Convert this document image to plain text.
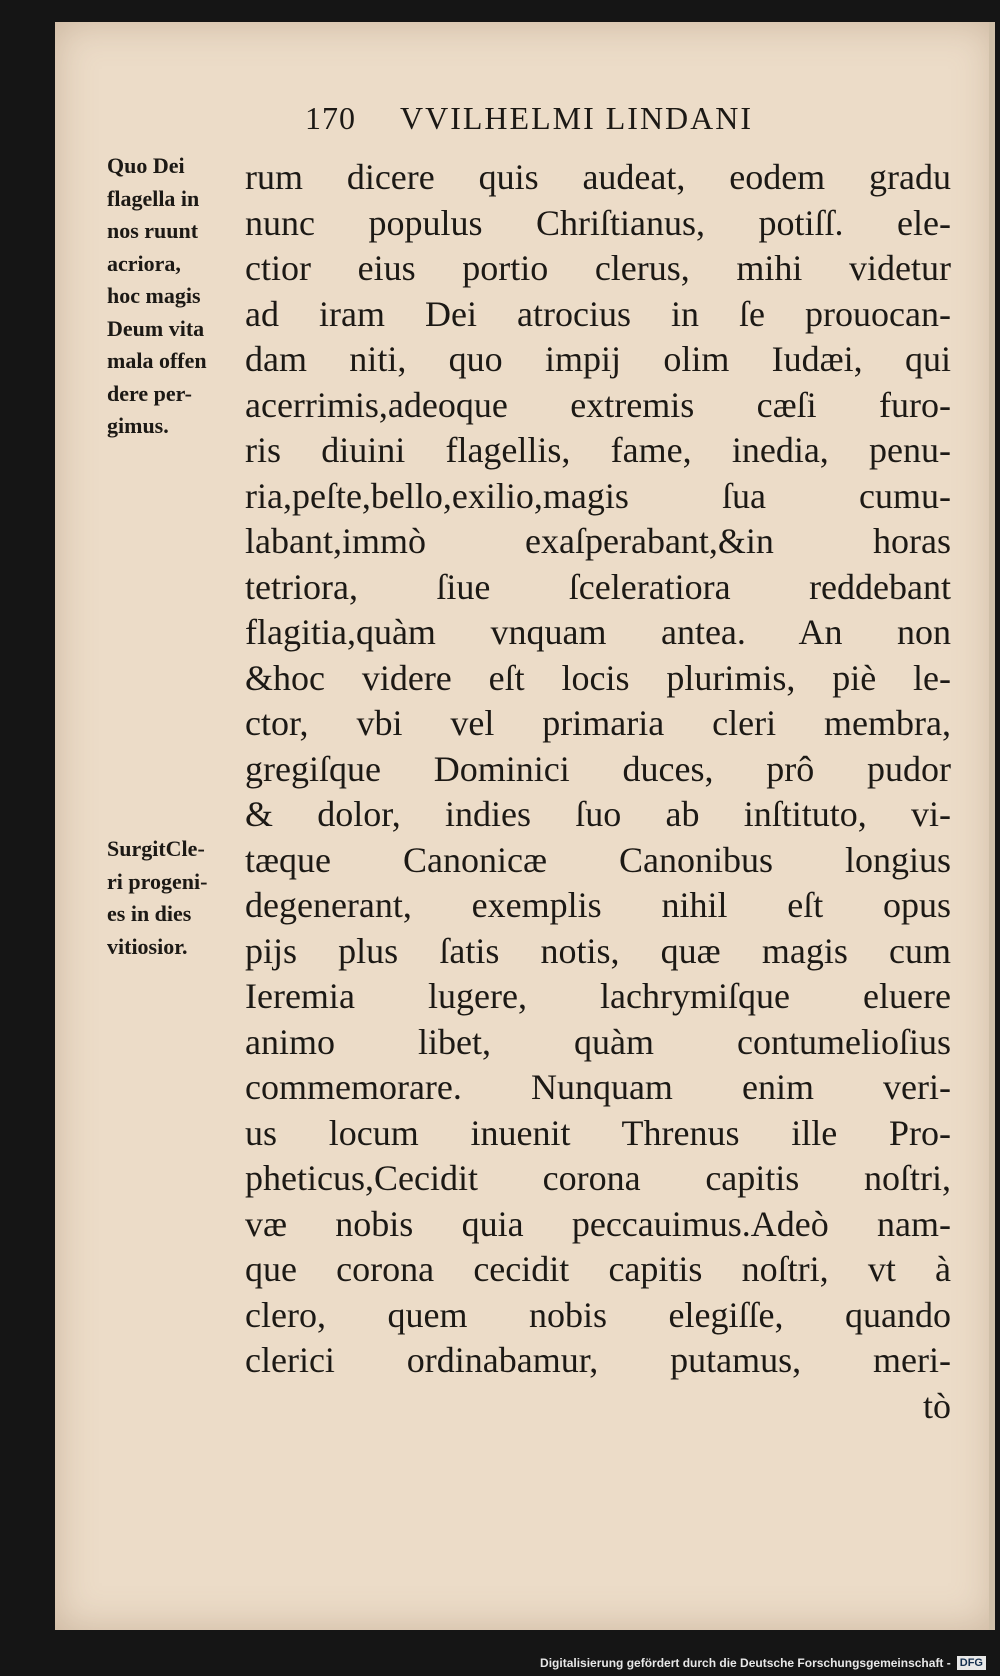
170 VVILHELMI LINDANI
Quo Dei
flagella in
nos ruunt
acriora,
hoc magis
Deum vita
mala offen
dere per-
gimus.
SurgitCle-
ri progeni-
es in dies
vitiosior.
rum dicere quis audeat, eodem gradu
nunc populus Chriſtianus, potiſſ. ele-
ctior eius portio clerus, mihi videtur
ad iram Dei atrocius in ſe prouocan-
dam niti, quo impij olim Iudæi, qui
acerrimis,adeoque extremis cæſi furo-
ris diuini flagellis, fame, inedia, penu-
ria,peſte,bello,exilio,magis ſua cumu-
labant,immò exaſperabant,&in horas
tetriora, ſiue ſceleratiora reddebant
flagitia,quàm vnquam antea. An non
&hoc videre eſt locis plurimis, piè le-
ctor, vbi vel primaria cleri membra,
gregiſque Dominici duces, prô pudor
& dolor, indies ſuo ab inſtituto, vi-
tæque Canonicæ Canonibus longius
degenerant, exemplis nihil eſt opus
pijs plus ſatis notis, quæ magis cum
Ieremia lugere, lachrymiſque eluere
animo libet, quàm contumelioſius
commemorare. Nunquam enim veri-
us locum inuenit Threnus ille Pro-
pheticus,Cecidit corona capitis noſtri,
væ nobis quia peccauimus.Adeò nam-
que corona cecidit capitis noſtri, vt à
clero, quem nobis elegiſſe, quando
clerici ordinabamur, putamus, meri-
tò
Digitalisierung gefördert durch die Deutsche Forschungsgemeinschaft - DFG
